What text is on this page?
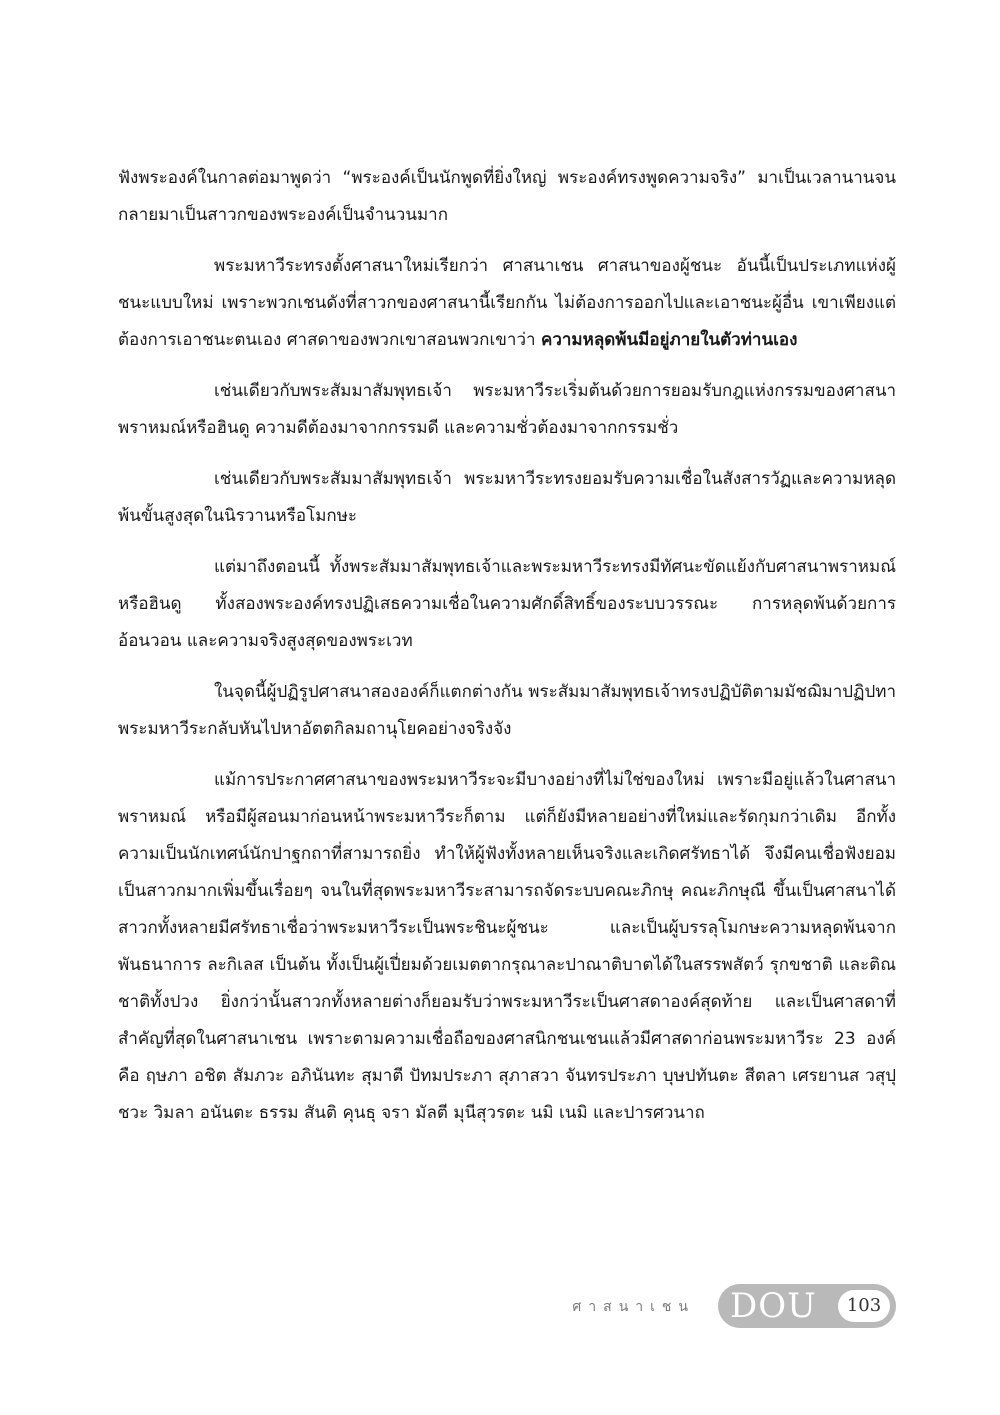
ฟังพระองค์ในกาลต่อมาพูดว่า “พระองค์เป็นนักพูดที่ยิ่งใหญ่ พระองค์ทรงพูดความจริง” มาเป็นเวลานานจนกลายมาเป็นสาวกของพระองค์เป็นจำนวนมาก

พระมหาวีระทรงตั้งศาสนาใหม่เรียกว่า ศาสนาเชน ศาสนาของผู้ชนะ อันนี้เป็นประเภทแห่งผู้ชนะแบบใหม่ เพราะพวกเชนดังที่สาวกของศาสนานี้เรียกกัน ไม่ต้องการออกไปและเอาชนะผู้อื่น เขาเพียงแต่ต้องการเอาชนะตนเอง ศาสดาของพวกเขาสอนพวกเขาว่า ความหลุดพ้นมีอยู่ภายในตัวท่านเอง

เช่นเดียวกับพระสัมมาสัมพุทธเจ้า พระมหาวีระเริ่มต้นด้วยการยอมรับกฎแห่งกรรมของศาสนาพราหมณ์หรือฮินดู ความดีต้องมาจากกรรมดี และความชั่วต้องมาจากกรรมชั่ว

เช่นเดียวกับพระสัมมาสัมพุทธเจ้า พระมหาวีระทรงยอมรับความเชื่อในสังสารวัฏและความหลุดพ้นขั้นสูงสุดในนิรวานหรือโมกษะ

แต่มาถึงตอนนี้ ทั้งพระสัมมาสัมพุทธเจ้าและพระมหาวีระทรงมีทัศนะขัดแย้งกับศาสนาพราหมณ์หรือฮินดู ทั้งสองพระองค์ทรงปฏิเสธความเชื่อในความศักดิ์สิทธิ์ของระบบวรรณะ การหลุดพ้นด้วยการอ้อนวอน และความจริงสูงสุดของพระเวท

ในจุดนี้ผู้ปฏิรูปศาสนาสององค์ก็แตกต่างกัน พระสัมมาสัมพุทธเจ้าทรงปฏิบัติตามมัชฌิมาปฏิปทา พระมหาวีระกลับหันไปหาอัตตกิลมถานุโยคอย่างจริงจัง

แม้การประกาศศาสนาของพระมหาวีระจะมีบางอย่างที่ไม่ใช่ของใหม่ เพราะมีอยู่แล้วในศาสนาพราหมณ์ หรือมีผู้สอนมาก่อนหน้าพระมหาวีระก็ตาม แต่ก็ยังมีหลายอย่างที่ใหม่และรัดกุมกว่าเดิม อีกทั้งความเป็นนักเทศน์นักปาฐกถาที่สามารถยิ่ง ทำให้ผู้ฟังทั้งหลายเห็นจริงและเกิดศรัทธาได้ จึงมีคนเชื่อฟังยอมเป็นสาวกมากเพิ่มขึ้นเรื่อยๆ จนในที่สุดพระมหาวีระสามารถจัดระบบคณะภิกษุ คณะภิกษุณี ขึ้นเป็นศาสนาได้ สาวกทั้งหลายมีศรัทธาเชื่อว่าพระมหาวีระเป็นพระชินะผู้ชนะ และเป็นผู้บรรลุโมกษะความหลุดพ้นจากพันธนาการ ละกิเลส เป็นต้น ทั้งเป็นผู้เปี่ยมด้วยเมตตากรุณาละปาณาติบาตได้ในสรรพสัตว์ รุกขชาติ และติณชาติทั้งปวง ยิ่งกว่านั้นสาวกทั้งหลายต่างก็ยอมรับว่าพระมหาวีระเป็นศาสดาองค์สุดท้าย และเป็นศาสดาที่สำคัญที่สุดในศาสนาเชน เพราะตามความเชื่อถือของศาสนิกชนเชนแล้วมีศาสดาก่อนพระมหาวีระ 23 องค์ คือ ฤษภา อชิต สัมภวะ อภินันทะ สุมาตี ปัทมประภา สุภาสวา จันทรประภา บุษปทันตะ สีตลา เศรยานส วสุปุชวะ วิมลา อนันตะ ธรรม สันติ คุนธุ จรา มัลตี มุนีสุวรตะ นมิ เนมิ และปารศวนาถ

ศาสนาเชน DOU	103
